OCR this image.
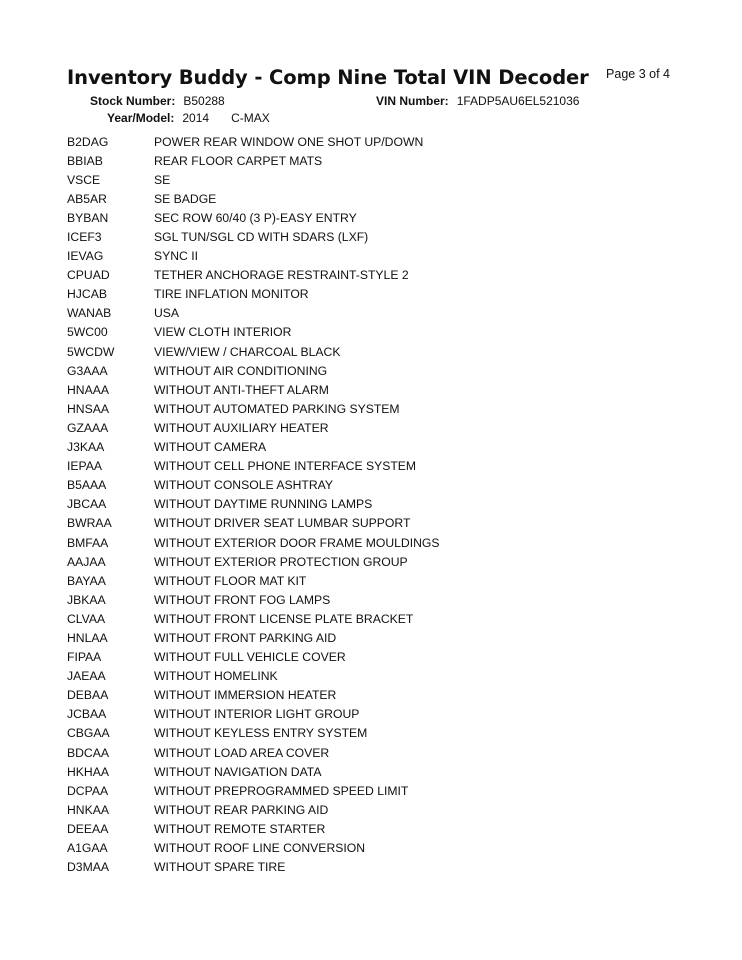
Inventory Buddy - Comp Nine Total VIN Decoder Page 3 of 4
Stock Number: B50288	VIN Number: 1FADP5AU6EL521036
Year/Model: 2014 C-MAX
B2DAG	POWER REAR WINDOW ONE SHOT UP/DOWN
BBIAB	REAR FLOOR CARPET MATS
VSCE	SE
AB5AR	SE BADGE
BYBAN	SEC ROW 60/40 (3 P)-EASY ENTRY
ICEF3	SGL TUN/SGL CD WITH SDARS (LXF)
IEVAG	SYNC II
CPUAD	TETHER ANCHORAGE RESTRAINT-STYLE 2
HJCAB	TIRE INFLATION MONITOR
WANAB	USA
5WC00	VIEW CLOTH INTERIOR
5WCDW	VIEW/VIEW / CHARCOAL BLACK
G3AAA	WITHOUT AIR CONDITIONING
HNAAA	WITHOUT ANTI-THEFT ALARM
HNSAA	WITHOUT AUTOMATED PARKING SYSTEM
GZAAA	WITHOUT AUXILIARY HEATER
J3KAA	WITHOUT CAMERA
IEPAA	WITHOUT CELL PHONE INTERFACE SYSTEM
B5AAA	WITHOUT CONSOLE ASHTRAY
JBCAA	WITHOUT DAYTIME RUNNING LAMPS
BWRAA	WITHOUT DRIVER SEAT LUMBAR SUPPORT
BMFAA	WITHOUT EXTERIOR DOOR FRAME MOULDINGS
AAJAA	WITHOUT EXTERIOR PROTECTION GROUP
BAYAA	WITHOUT FLOOR MAT KIT
JBKAA	WITHOUT FRONT FOG LAMPS
CLVAA	WITHOUT FRONT LICENSE PLATE BRACKET
HNLAA	WITHOUT FRONT PARKING AID
FIPAA	WITHOUT FULL VEHICLE COVER
JAEAA	WITHOUT HOMELINK
DEBAA	WITHOUT IMMERSION HEATER
JCBAA	WITHOUT INTERIOR LIGHT GROUP
CBGAA	WITHOUT KEYLESS ENTRY SYSTEM
BDCAA	WITHOUT LOAD AREA COVER
HKHAA	WITHOUT NAVIGATION DATA
DCPAA	WITHOUT PREPROGRAMMED SPEED LIMIT
HNKAA	WITHOUT REAR PARKING AID
DEEAA	WITHOUT REMOTE STARTER
A1GAA	WITHOUT ROOF LINE CONVERSION
D3MAA	WITHOUT SPARE TIRE
